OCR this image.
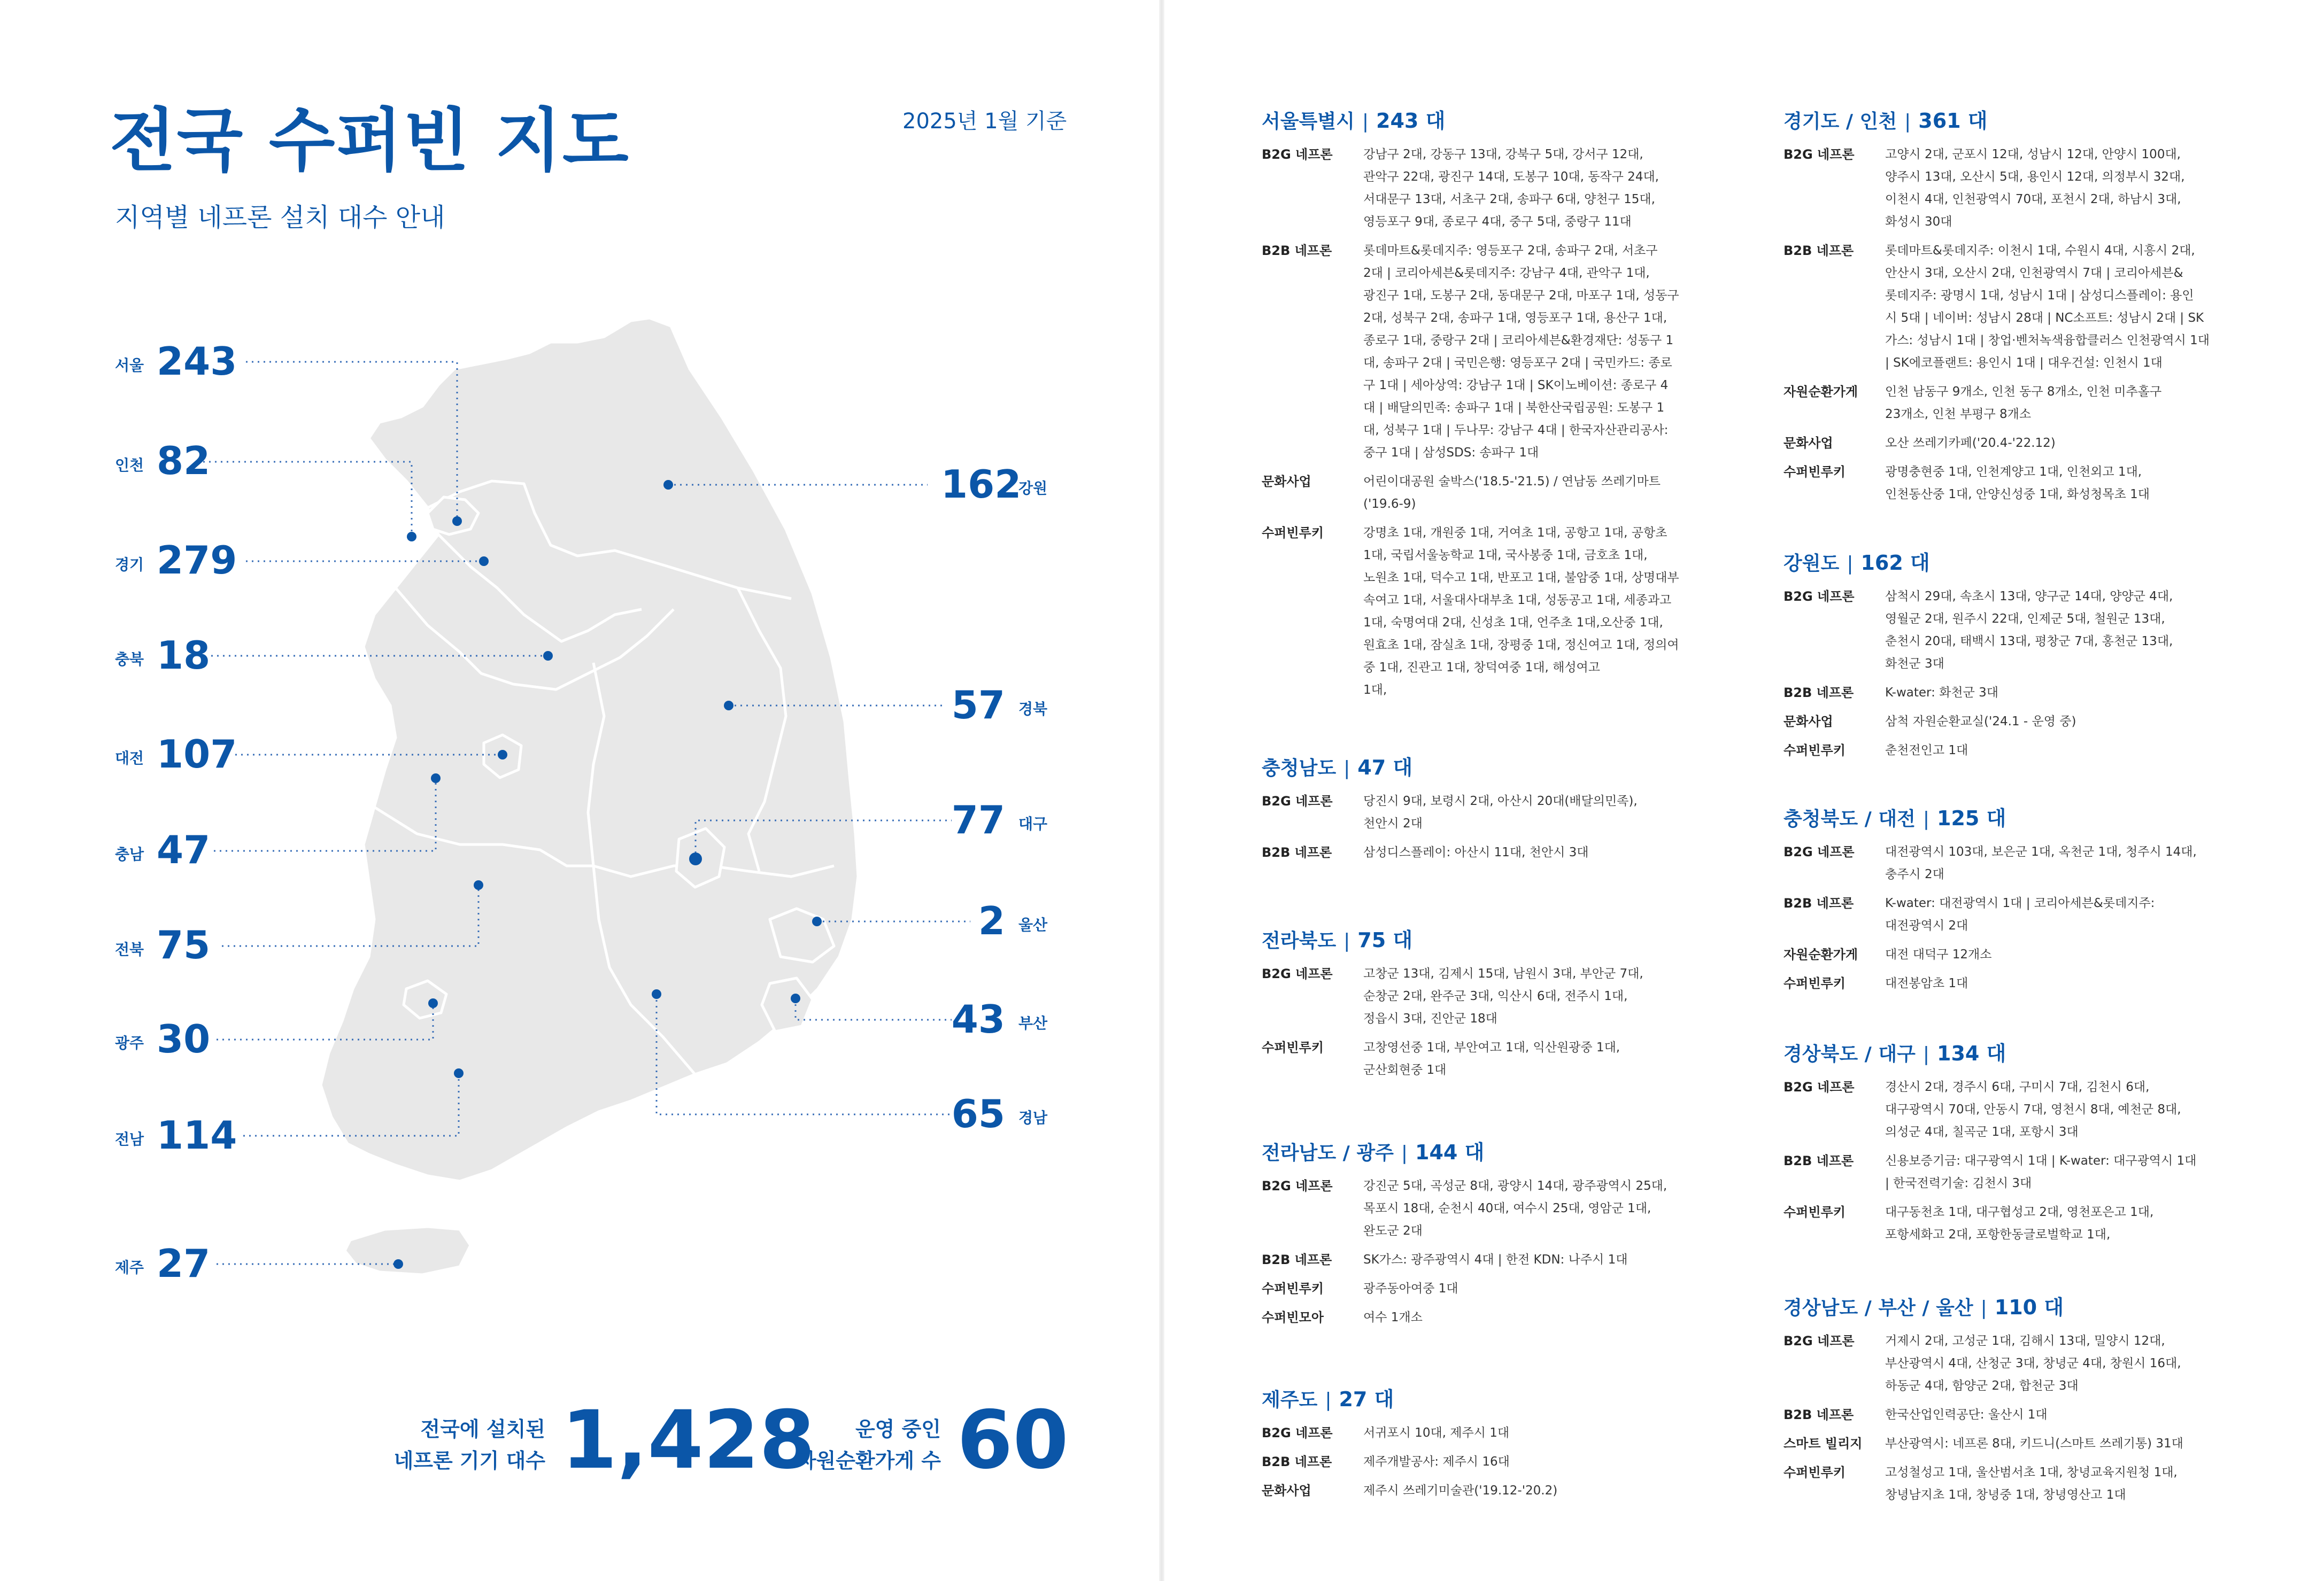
전국 수퍼빈 지도	2025년 1월 기준
지역별 네프론 설치 대수 안내
서울 243
인천 82
경기 279
충북 18
대전 107
충남 47
전북 75
광주 30
전남 114
제주 27
162
강원
57 경북
77 대구
2 울산
43 부산
65 경남
전국에 설치된
네프론 기기 대수 1,428	운영 중인
자원순환가게 수 60
서울특별시 | 243 대
B2G 네프론	강남구 2대, 강동구 13대, 강북구 5대, 강서구 12대,
관악구 22대, 광진구 14대, 도봉구 10대, 동작구 24대,
서대문구 13대, 서초구 2대, 송파구 6대, 양천구 15대,
영등포구 9대, 종로구 4대, 중구 5대, 중랑구 11대
B2B 네프론	롯데마트&롯데지주: 영등포구 2대, 송파구 2대, 서초구
2대 | 코리아세븐&롯데지주: 강남구 4대, 관악구 1대,
광진구 1대, 도봉구 2대, 동대문구 2대, 마포구 1대, 성동구
2대, 성북구 2대, 송파구 1대, 영등포구 1대, 용산구 1대,
종로구 1대, 중랑구 2대 | 코리아세븐&환경재단: 성동구 1
대, 송파구 2대 | 국민은행: 영등포구 2대 | 국민카드: 종로
구 1대 | 세아상역: 강남구 1대 | SK이노베이션: 종로구 4
대 | 배달의민족: 송파구 1대 | 북한산국립공원: 도봉구 1
대, 성북구 1대 | 두나무: 강남구 4대 | 한국자산관리공사:
중구 1대 | 삼성SDS: 송파구 1대
문화사업	어린이대공원 술박스('18.5-'21.5) / 연남동 쓰레기마트
('19.6-9)
수퍼빈루키	강명초 1대, 개원중 1대, 거여초 1대, 공항고 1대, 공항초
1대, 국립서울농학교 1대, 국사봉중 1대, 금호초 1대,
노원초 1대, 덕수고 1대, 반포고 1대, 불암중 1대, 상명대부
속여고 1대, 서울대사대부초 1대, 성동공고 1대, 세종과고
1대, 숙명여대 2대, 신성초 1대, 언주초 1대,오산중 1대,
원효초 1대, 잠실초 1대, 장평중 1대, 정신여고 1대, 정의여
중 1대, 진관고 1대, 창덕여중 1대, 해성여고
1대,
충청남도 | 47 대
B2G 네프론	당진시 9대, 보령시 2대, 아산시 20대(배달의민족),
천안시 2대
B2B 네프론	삼성디스플레이: 아산시 11대, 천안시 3대
전라북도 | 75 대
B2G 네프론	고창군 13대, 김제시 15대, 남원시 3대, 부안군 7대,
순창군 2대, 완주군 3대, 익산시 6대, 전주시 1대,
정읍시 3대, 진안군 18대
수퍼빈루키	고창영선중 1대, 부안여고 1대, 익산원광중 1대,
군산회현중 1대
전라남도 / 광주 | 144 대
B2G 네프론	강진군 5대, 곡성군 8대, 광양시 14대, 광주광역시 25대,
목포시 18대, 순천시 40대, 여수시 25대, 영암군 1대,
완도군 2대
B2B 네프론	SK가스: 광주광역시 4대 | 한전 KDN: 나주시 1대
수퍼빈루키	광주동아여중 1대
수퍼빈모아	여수 1개소
제주도 | 27 대
B2G 네프론	서귀포시 10대, 제주시 1대
B2B 네프론	제주개발공사: 제주시 16대
문화사업	제주시 쓰레기미술관('19.12-'20.2)
경기도 / 인천 | 361 대
B2G 네프론	고양시 2대, 군포시 12대, 성남시 12대, 안양시 100대,
양주시 13대, 오산시 5대, 용인시 12대, 의정부시 32대,
이천시 4대, 인천광역시 70대, 포천시 2대, 하남시 3대,
화성시 30대
B2B 네프론	롯데마트&롯데지주: 이천시 1대, 수원시 4대, 시흥시 2대,
안산시 3대, 오산시 2대, 인천광역시 7대 | 코리아세븐&
롯데지주: 광명시 1대, 성남시 1대 | 삼성디스플레이: 용인
시 5대 | 네이버: 성남시 28대 | NC소프트: 성남시 2대 | SK
가스: 성남시 1대 | 창업·벤처녹색융합클러스 인천광역시 1대
| SK에코플랜트: 용인시 1대 | 대우건설: 인천시 1대
자원순환가게	인천 남동구 9개소, 인천 동구 8개소, 인천 미추홀구
23개소, 인천 부평구 8개소
문화사업	오산 쓰레기카페('20.4-'22.12)
수퍼빈루키	광명충현중 1대, 인천계양고 1대, 인천외고 1대,
인천동산중 1대, 안양신성중 1대, 화성청목초 1대
강원도 | 162 대
B2G 네프론	삼척시 29대, 속초시 13대, 양구군 14대, 양양군 4대,
영월군 2대, 원주시 22대, 인제군 5대, 철원군 13대,
춘천시 20대, 태백시 13대, 평창군 7대, 홍천군 13대,
화천군 3대
B2B 네프론	K-water: 화천군 3대
문화사업	삼척 자원순환교실('24.1 - 운영 중)
수퍼빈루키	춘천전인고 1대
충청북도 / 대전 | 125 대
B2G 네프론	대전광역시 103대, 보은군 1대, 옥천군 1대, 청주시 14대,
충주시 2대
B2B 네프론	K-water: 대전광역시 1대 | 코리아세븐&롯데지주:
대전광역시 2대
자원순환가게	대전 대덕구 12개소
수퍼빈루키	대전봉암초 1대
경상북도 / 대구 | 134 대
B2G 네프론	경산시 2대, 경주시 6대, 구미시 7대, 김천시 6대,
대구광역시 70대, 안동시 7대, 영천시 8대, 예천군 8대,
의성군 4대, 칠곡군 1대, 포항시 3대
B2B 네프론	신용보증기금: 대구광역시 1대 | K-water: 대구광역시 1대
| 한국전력기술: 김천시 3대
수퍼빈루키	대구동천초 1대, 대구협성고 2대, 영천포은고 1대,
포항세화고 2대, 포항한동글로벌학교 1대,
경상남도 / 부산 / 울산 | 110 대
B2G 네프론	거제시 2대, 고성군 1대, 김해시 13대, 밀양시 12대,
부산광역시 4대, 산청군 3대, 창녕군 4대, 창원시 16대,
하동군 4대, 함양군 2대, 합천군 3대
B2B 네프론	한국산업인력공단: 울산시 1대
스마트 빌리지	부산광역시: 네프론 8대, 키드니(스마트 쓰레기통) 31대
수퍼빈루키	고성철성고 1대, 울산범서초 1대, 창녕교육지원청 1대,
창녕남지초 1대, 창녕중 1대, 창녕영산고 1대
